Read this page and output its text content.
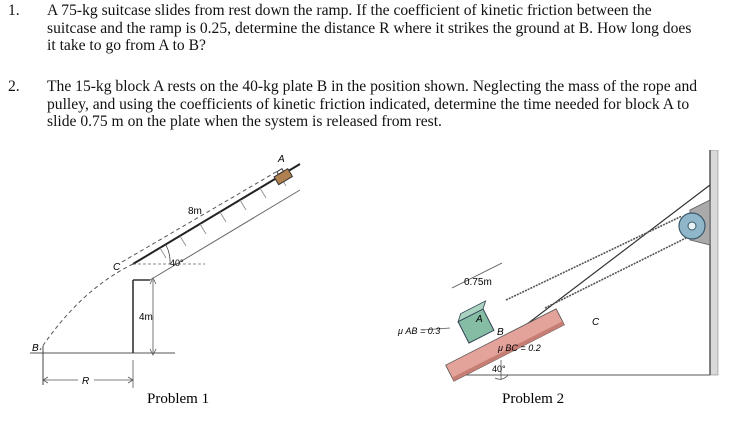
1. A 75-kg suitcase slides from rest down the ramp. If the coefficient of kinetic friction between the
suitcase and the ramp is 0.25, determine the distance R where it strikes the ground at B. How long does
it take to go from A to B?
2. The 15-kg block A rests on the 40-kg plate B in the position shown. Neglecting the mass of the rope and
pulley, and using the coefficients of kinetic friction indicated, determine the time needed for block A to
slide 0.75 m on the plate when the system is released from rest.
A
C
B
8m
40°
4m
R
Problem 1
0.75m
A
B
C
μ AB = 0.3
μ BC = 0.2
40°
Problem 2
